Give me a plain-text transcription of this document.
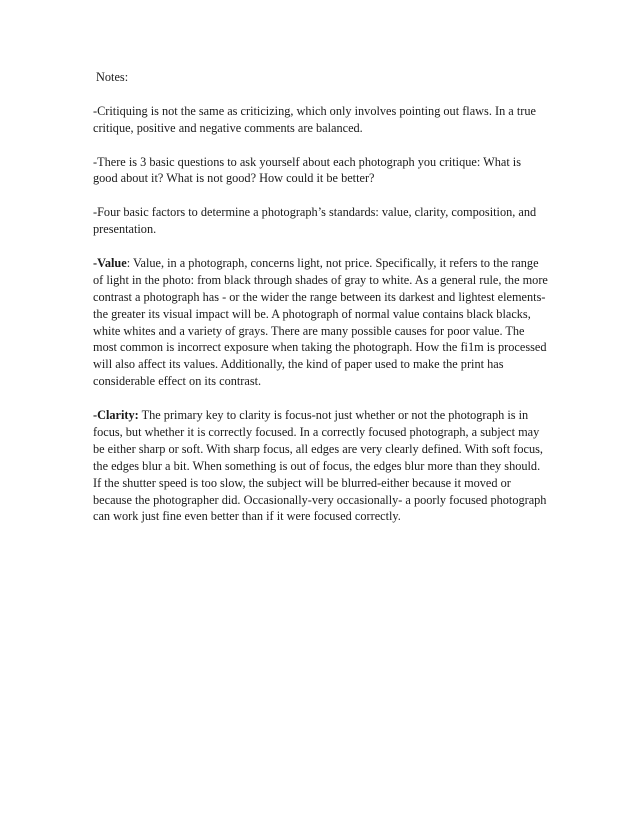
Notes:

-Critiquing is not the same as criticizing, which only involves pointing out flaws. In a true critique, positive and negative comments are balanced.

-There is 3 basic questions to ask yourself about each photograph you critique: What is good about it? What is not good? How could it be better?

-Four basic factors to determine a photograph’s standards: value, clarity, composition, and presentation.

-Value: Value, in a photograph, concerns light, not price. Specifically, it refers to the range of light in the photo: from black through shades of gray to white. As a general rule, the more contrast a photograph has - or the wider the range between its darkest and lightest elements-the greater its visual impact will be. A photograph of normal value contains black blacks, white whites and a variety of grays. There are many possible causes for poor value. The most common is incorrect exposure when taking the photograph. How the fi1m is processed will also affect its values. Additionally, the kind of paper used to make the print has considerable effect on its contrast.

-Clarity: The primary key to clarity is focus-not just whether or not the photograph is in focus, but whether it is correctly focused. In a correctly focused photograph, a subject may be either sharp or soft. With sharp focus, all edges are very clearly defined. With soft focus, the edges blur a bit. When something is out of focus, the edges blur more than they should. If the shutter speed is too slow, the subject will be blurred-either because it moved or because the photographer did. Occasionally-very occasionally- a poorly focused photograph can work just fine even better than if it were focused correctly.
